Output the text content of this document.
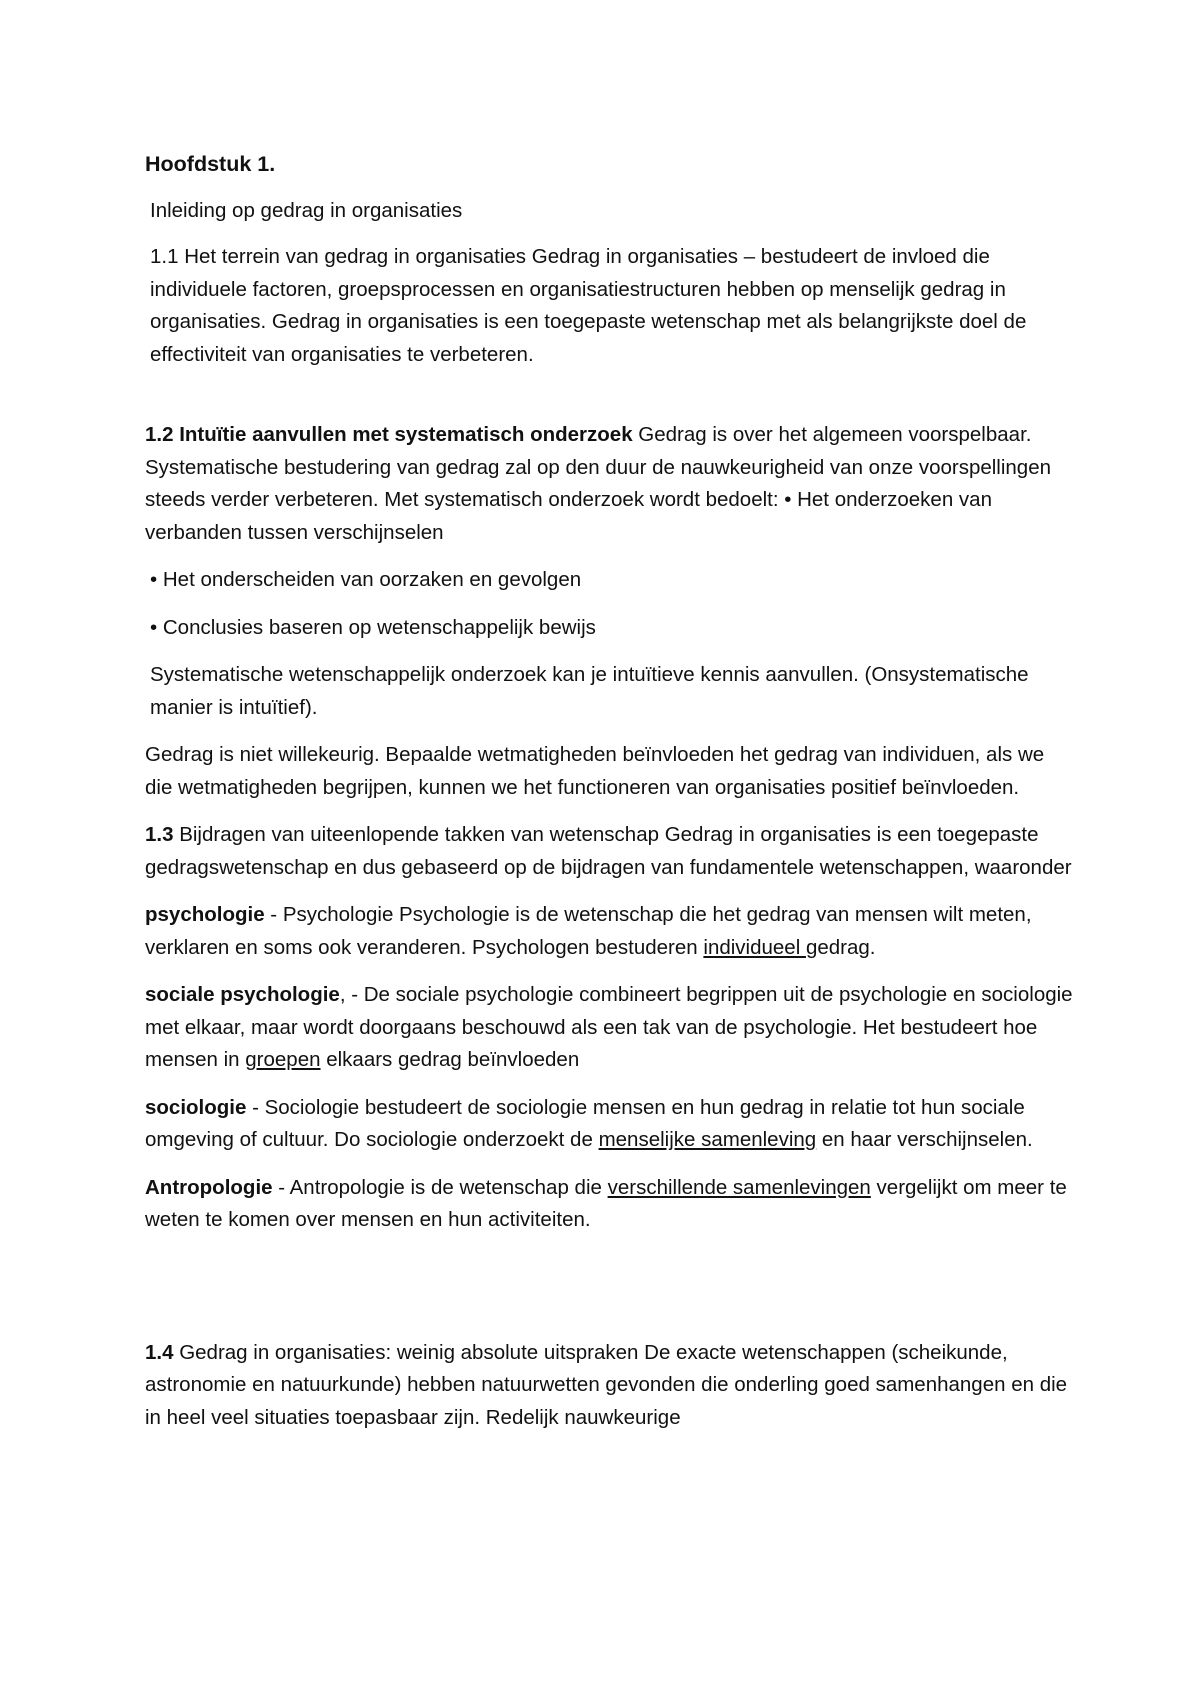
Hoofdstuk 1.

Inleiding op gedrag in organisaties

1.1 Het terrein van gedrag in organisaties Gedrag in organisaties – bestudeert de invloed die individuele factoren, groepsprocessen en organisatiestructuren hebben op menselijk gedrag in organisaties. Gedrag in organisaties is een toegepaste wetenschap met als belangrijkste doel de effectiviteit van organisaties te verbeteren.

1.2 Intuïtie aanvullen met systematisch onderzoek Gedrag is over het algemeen voorspelbaar. Systematische bestudering van gedrag zal op den duur de nauwkeurigheid van onze voorspellingen steeds verder verbeteren. Met systematisch onderzoek wordt bedoelt: • Het onderzoeken van verbanden tussen verschijnselen

• Het onderscheiden van oorzaken en gevolgen

• Conclusies baseren op wetenschappelijk bewijs

Systematische wetenschappelijk onderzoek kan je intuïtieve kennis aanvullen. (Onsystematische manier is intuïtief).

Gedrag is niet willekeurig. Bepaalde wetmatigheden beïnvloeden het gedrag van individuen, als we die wetmatigheden begrijpen, kunnen we het functioneren van organisaties positief beïnvloeden.

1.3 Bijdragen van uiteenlopende takken van wetenschap Gedrag in organisaties is een toegepaste gedragswetenschap en dus gebaseerd op de bijdragen van fundamentele wetenschappen, waaronder

psychologie - Psychologie Psychologie is de wetenschap die het gedrag van mensen wilt meten, verklaren en soms ook veranderen. Psychologen bestuderen individueel gedrag.

sociale psychologie, - De sociale psychologie combineert begrippen uit de psychologie en sociologie met elkaar, maar wordt doorgaans beschouwd als een tak van de psychologie. Het bestudeert hoe mensen in groepen elkaars gedrag beïnvloeden

sociologie - Sociologie bestudeert de sociologie mensen en hun gedrag in relatie tot hun sociale omgeving of cultuur. Do sociologie onderzoekt de menselijke samenleving en haar verschijnselen.

Antropologie - Antropologie is de wetenschap die verschillende samenlevingen vergelijkt om meer te weten te komen over mensen en hun activiteiten.

1.4 Gedrag in organisaties: weinig absolute uitspraken De exacte wetenschappen (scheikunde, astronomie en natuurkunde) hebben natuurwetten gevonden die onderling goed samenhangen en die in heel veel situaties toepasbaar zijn. Redelijk nauwkeurige
